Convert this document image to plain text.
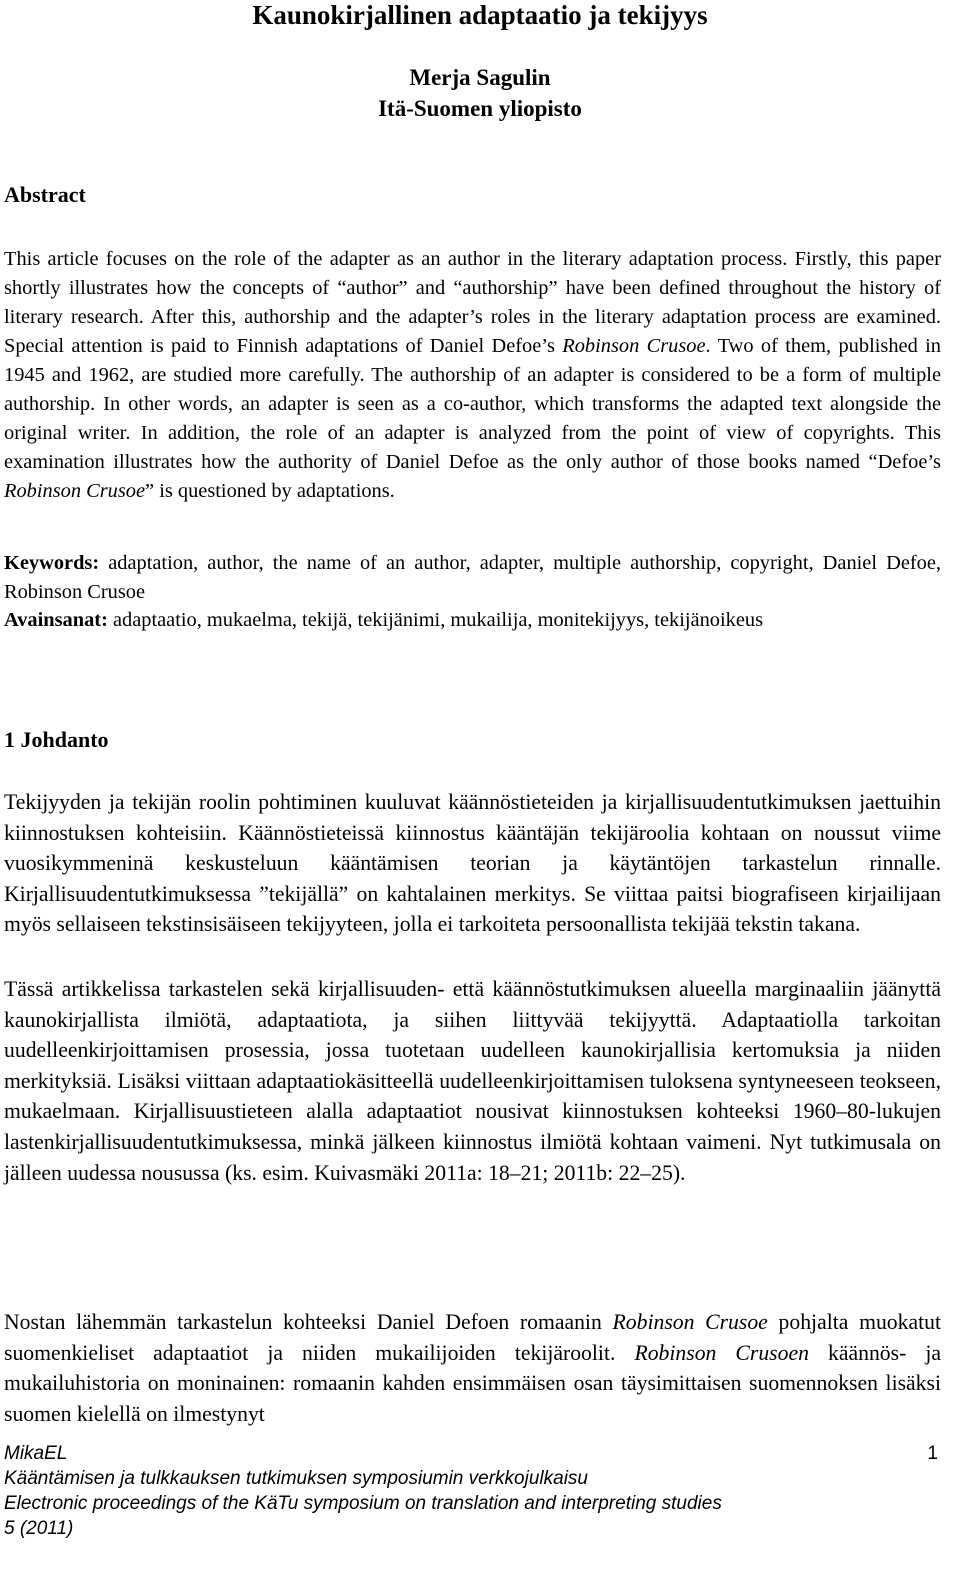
Kaunokirjallinen adaptaatio ja tekijyys
Merja Sagulin
Itä-Suomen yliopisto
Abstract
This article focuses on the role of the adapter as an author in the literary adaptation process. Firstly, this paper shortly illustrates how the concepts of “author” and “authorship” have been defined throughout the history of literary research. After this, authorship and the adapter’s roles in the literary adaptation process are examined. Special attention is paid to Finnish adaptations of Daniel Defoe’s Robinson Crusoe. Two of them, published in 1945 and 1962, are studied more carefully. The authorship of an adapter is considered to be a form of multiple authorship. In other words, an adapter is seen as a co-author, which transforms the adapted text alongside the original writer. In addition, the role of an adapter is analyzed from the point of view of copyrights. This examination illustrates how the authority of Daniel Defoe as the only author of those books named “Defoe’s Robinson Crusoe” is questioned by adaptations.
Keywords: adaptation, author, the name of an author, adapter, multiple authorship, copyright, Daniel Defoe, Robinson Crusoe
Avainsanat: adaptaatio, mukaelma, tekijä, tekijänimi, mukailija, monitekijyys, tekijänoikeus
1 Johdanto

Tekijyyden ja tekijän roolin pohtiminen kuuluvat käännöstieteiden ja kirjallisuudentutkimuksen jaettuihin kiinnostuksen kohteisiin. Käännöstieteissä kiinnostus kääntäjän tekijäroolia kohtaan on noussut viime vuosikymmeninä keskusteluun kääntämisen teorian ja käytäntöjen tarkastelun rinnalle. Kirjallisuudentutkimuksessa ”tekijällä” on kahtalainen merkitys. Se viittaa paitsi biografiseen kirjailijaan myös sellaiseen tekstinsisäiseen tekijyyteen, jolla ei tarkoiteta persoonallista tekijää tekstin takana.

Tässä artikkelissa tarkastelen sekä kirjallisuuden- että käännöstutkimuksen alueella marginaaliin jäänyttä kaunokirjallista ilmiötä, adaptaatiota, ja siihen liittyvää tekijyyttä. Adaptaatiolla tarkoitan uudelleenkirjoittamisen prosessia, jossa tuotetaan uudelleen kaunokirjallisia kertomuksia ja niiden merkityksiä. Lisäksi viittaan adaptaatiokäsitteellä uudelleenkirjoittamisen tuloksena syntyneeseen teokseen, mukaelmaan. Kirjallisuustieteen alalla adaptaatiot nousivat kiinnostuksen kohteeksi 1960–80-lukujen lastenkirjallisuudentutkimuksessa, minkä jälkeen kiinnostus ilmiötä kohtaan vaimeni. Nyt tutkimusala on jälleen uudessa nousussa (ks. esim. Kuivasmäki 2011a: 18–21; 2011b: 22–25).

Nostan lähemmän tarkastelun kohteeksi Daniel Defoen romaanin Robinson Crusoe pohjalta muokatut suomenkieliset adaptaatiot ja niiden mukailijoiden tekijäroolit. Robinson Crusoen käännös- ja mukailuhistoria on moninainen: romaanin kahden ensimmäisen osan täysimittaisen suomennoksen lisäksi suomen kielellä on ilmestynyt

MikaEL	1
Kääntämisen ja tulkkauksen tutkimuksen symposiumin verkkojulkaisu
Electronic proceedings of the KäTu symposium on translation and interpreting studies
5 (2011)
